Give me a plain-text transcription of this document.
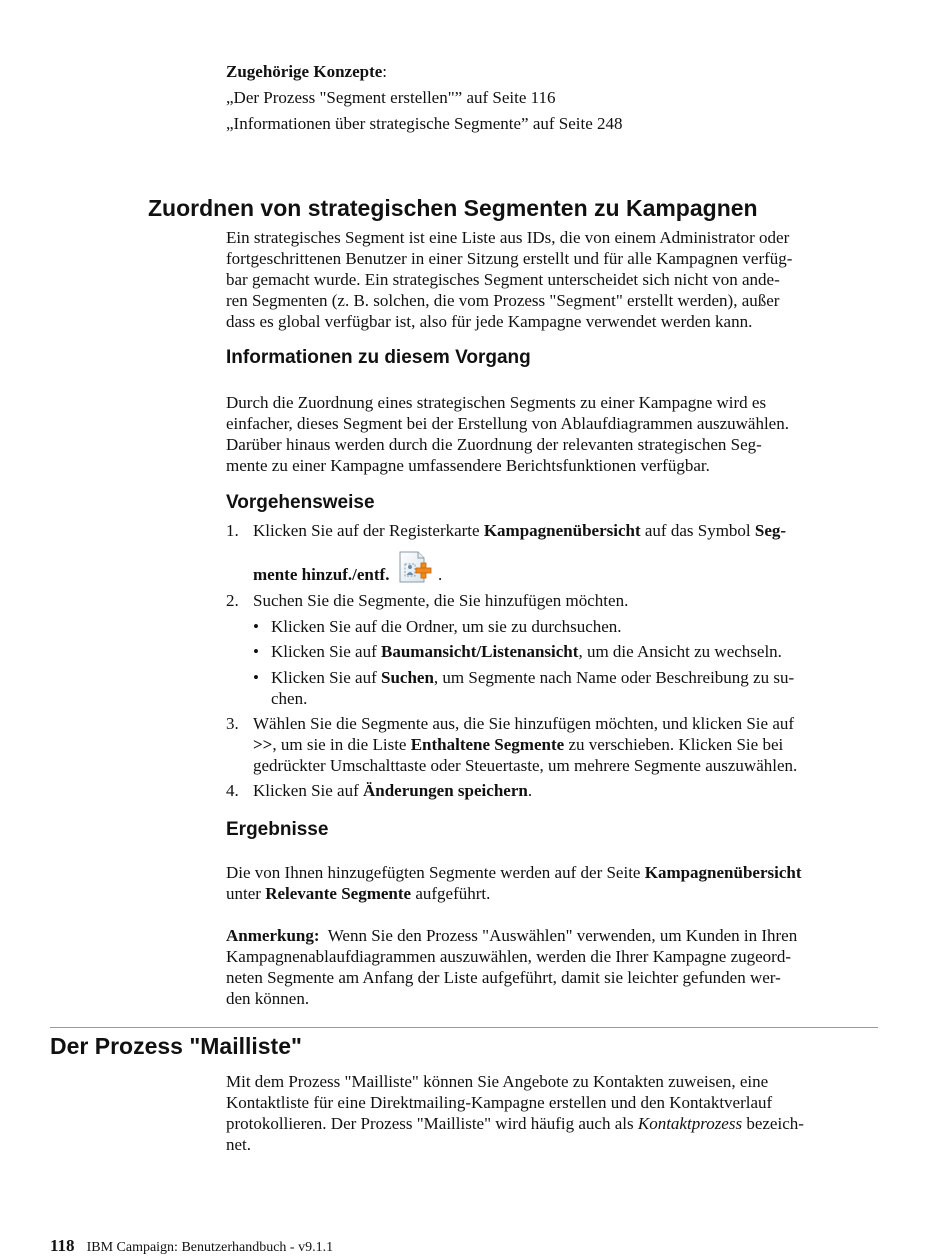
Zugehörige Konzepte:
„Der Prozess "Segment erstellen"” auf Seite 116
„Informationen über strategische Segmente” auf Seite 248
Zuordnen von strategischen Segmenten zu Kampagnen
Ein strategisches Segment ist eine Liste aus IDs, die von einem Administrator oder
fortgeschrittenen Benutzer in einer Sitzung erstellt und für alle Kampagnen verfüg-
bar gemacht wurde. Ein strategisches Segment unterscheidet sich nicht von ande-
ren Segmenten (z. B. solchen, die vom Prozess "Segment" erstellt werden), außer
dass es global verfügbar ist, also für jede Kampagne verwendet werden kann.
Informationen zu diesem Vorgang
Durch die Zuordnung eines strategischen Segments zu einer Kampagne wird es
einfacher, dieses Segment bei der Erstellung von Ablaufdiagrammen auszuwählen.
Darüber hinaus werden durch die Zuordnung der relevanten strategischen Seg-
mente zu einer Kampagne umfassendere Berichtsfunktionen verfügbar.
Vorgehensweise
1. Klicken Sie auf der Registerkarte Kampagnenübersicht auf das Symbol Seg-
mente hinzuf./entf.	.
2. Suchen Sie die Segmente, die Sie hinzufügen möchten.
• Klicken Sie auf die Ordner, um sie zu durchsuchen.
• Klicken Sie auf Baumansicht/Listenansicht, um die Ansicht zu wechseln.
• Klicken Sie auf Suchen, um Segmente nach Name oder Beschreibung zu su-
chen.
3. Wählen Sie die Segmente aus, die Sie hinzufügen möchten, und klicken Sie auf
>>, um sie in die Liste Enthaltene Segmente zu verschieben. Klicken Sie bei
gedrückter Umschalttaste oder Steuertaste, um mehrere Segmente auszuwählen.
4. Klicken Sie auf Änderungen speichern.
Ergebnisse
Die von Ihnen hinzugefügten Segmente werden auf der Seite Kampagnenübersicht
unter Relevante Segmente aufgeführt.
Anmerkung:  Wenn Sie den Prozess "Auswählen" verwenden, um Kunden in Ihren
Kampagnenablaufdiagrammen auszuwählen, werden die Ihrer Kampagne zugeord-
neten Segmente am Anfang der Liste aufgeführt, damit sie leichter gefunden wer-
den können.
Der Prozess "Mailliste"
Mit dem Prozess "Mailliste" können Sie Angebote zu Kontakten zuweisen, eine
Kontaktliste für eine Direktmailing-Kampagne erstellen und den Kontaktverlauf
protokollieren. Der Prozess "Mailliste" wird häufig auch als Kontaktprozess bezeich-
net.
118 IBM Campaign: Benutzerhandbuch - v9.1.1
